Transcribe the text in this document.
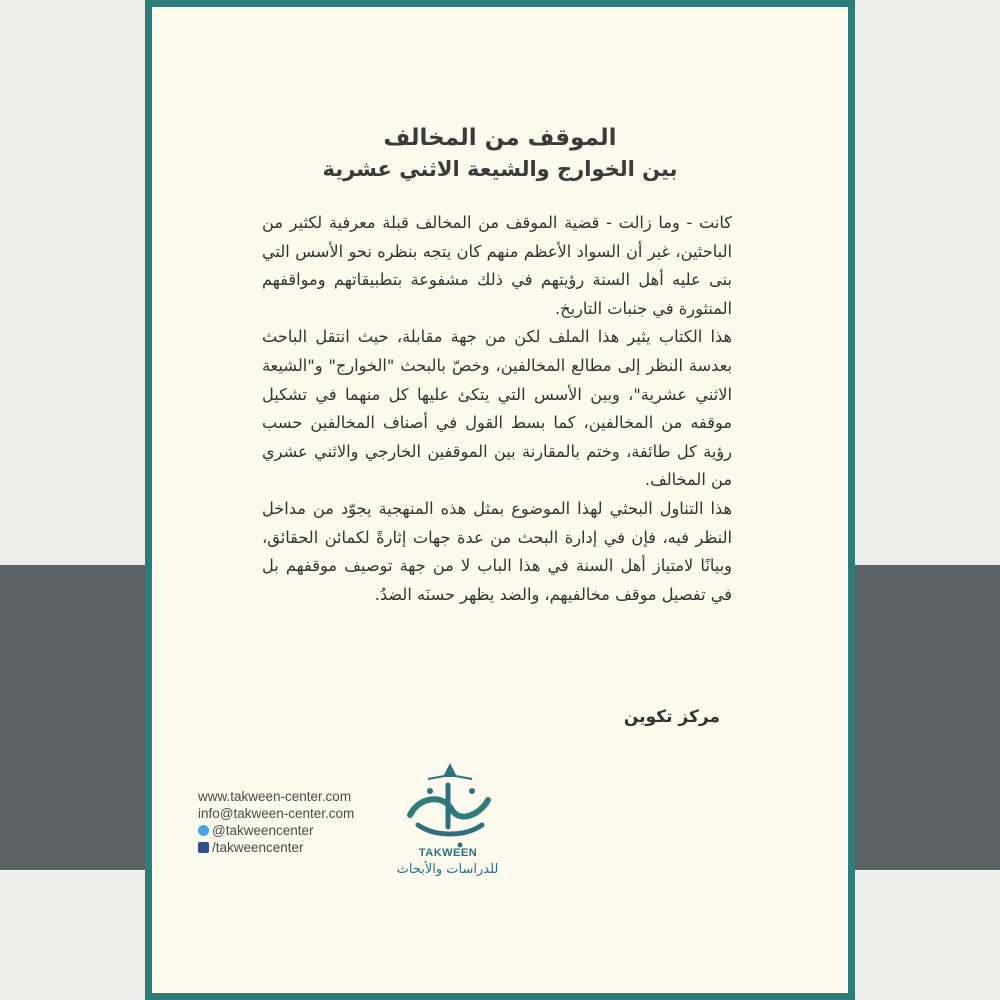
الموقف من المخالف
بين الخوارج والشيعة الاثني عشرية

كانت - وما زالت - قضية الموقف من المخالف قبلة معرفية لكثير من الباحثين، غير أن السواد الأعظم منهم كان يتجه بنظره نحو الأسس التي بنى عليه أهل السنة رؤيتهم في ذلك مشفوعة بتطبيقاتهم ومواقفهم المنثورة في جنبات التاريخ.

هذا الكتاب يثير هذا الملف لكن من جهة مقابلة، حيث انتقل الباحث بعدسة النظر إلى مطالع المخالفين، وخصّ بالبحث "الخوارج" و"الشيعة الاثني عشرية"، وبين الأسس التي يتكئ عليها كل منهما في تشكيل موقفه من المخالفين، كما بسط القول في أصناف المخالفين حسب رؤية كل طائفة، وختم بالمقارنة بين الموقفين الخارجي والاثني عشري من المخالف.

هذا التناول البحثي لهذا الموضوع بمثل هذه المنهجية يجوّد من مداخل النظر فيه، فإن في إدارة البحث من عدة جهات إثارةً لكمائن الحقائق، وبيانًا لامتياز أهل السنة في هذا الباب لا من جهة توصيف موقفهم بل في تفصيل موقف مخالفيهم، والضد يظهر حسنَه الضدُ.

مركز تكوين
www.takween-center.com
info@takween-center.com
@takweencenter
/takweencenter	TAKWEEN
للدراسات والأبحاث
